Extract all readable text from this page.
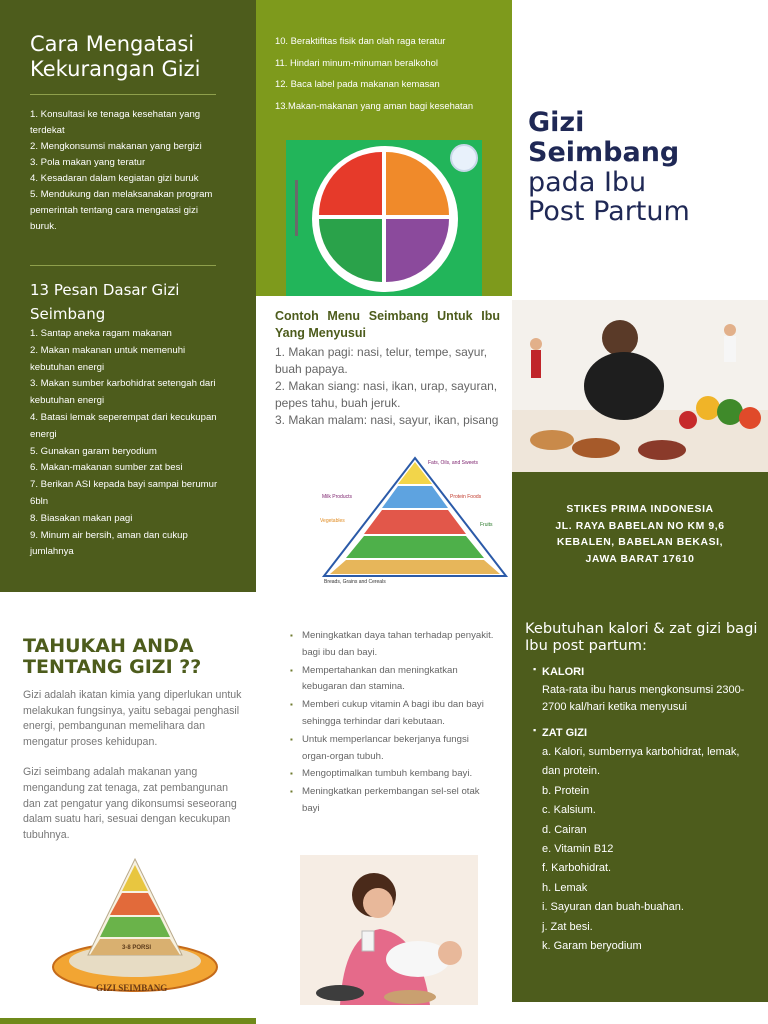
Cara Mengatasi Kekurangan Gizi
1. Konsultasi ke tenaga kesehatan yang terdekat
2. Mengkonsumsi makanan yang bergizi
3. Pola makan yang teratur
4. Kesadaran dalam kegiatan gizi buruk
5. Mendukung dan melaksanakan program pemerintah tentang cara mengatasi gizi buruk.
13 Pesan Dasar Gizi Seimbang
1. Santap aneka ragam makanan
2. Makan makanan untuk memenuhi kebutuhan energi
3. Makan sumber karbohidrat setengah dari kebutuhan energi
4. Batasi lemak seperempat dari kecukupan energi
5. Gunakan garam beryodium
6. Makan-makanan sumber zat besi
7. Berikan ASI kepada bayi sampai berumur 6bln
8. Biasakan makan pagi
9. Minum air bersih, aman dan cukup jumlahnya
10. Beraktifitas fisik dan olah raga teratur
11. Hindari minum-minuman beralkohol
12. Baca label pada makanan kemasan
13.Makan-makanan yang aman bagi kesehatan
Contoh Menu Seimbang Untuk Ibu Yang Menyusui
1. Makan pagi: nasi, telur, tempe, sayur, buah papaya.
2. Makan siang: nasi, ikan, urap, sayuran, pepes tahu, buah jeruk.
3. Makan malam: nasi, sayur, ikan, pisang
Fats, Oils, and Sweets
Milk Products	Protein Foods
Vegetables
Fruits
Breads, Grains and Cereals
Gizi
Seimbang
pada Ibu
Post Partum

STIKES PRIMA INDONESIA

JL. RAYA BABELAN NO KM 9,6

KEBALEN, BABELAN BEKASI,

JAWA BARAT 17610

TAHUKAH ANDA TENTANG GIZI ??

Gizi adalah ikatan kimia yang diperlukan untuk melakukan fungsinya, yaitu sebagai penghasil energi, pembangunan memelihara dan mengatur proses kehidupan.

Gizi seimbang adalah makanan yang mengandung zat tenaga, zat pembangunan dan zat pengatur yang dikonsumsi seseorang dalam suatu hari, sesuai dengan kecukupan tubuhnya.

3-8 PORSI
GIZI SEIMBANG
▪ Meningkatkan daya tahan terhadap penyakit. bagi ibu dan bayi.
▪ Mempertahankan dan meningkatkan kebugaran dan stamina.
▪ Memberi cukup vitamin A bagi ibu dan bayi sehingga terhindar dari kebutaan.
▪ Untuk memperlancar bekerjanya fungsi organ-organ tubuh.
▪ Mengoptimalkan tumbuh kembang bayi.
▪ Meningkatkan perkembangan sel-sel otak bayi
Kebutuhan kalori & zat gizi bagi Ibu post partum:
▪ KALORI
Rata-rata ibu harus mengkonsumsi 2300-2700 kal/hari ketika menyusui
▪ ZAT GIZI
a. Kalori, sumbernya karbohidrat, lemak, dan protein.
b. Protein
c. Kalsium.
d. Cairan
e. Vitamin B12
f. Karbohidrat.
h. Lemak
i. Sayuran dan buah-buahan.
j. Zat besi.
k. Garam beryodium
